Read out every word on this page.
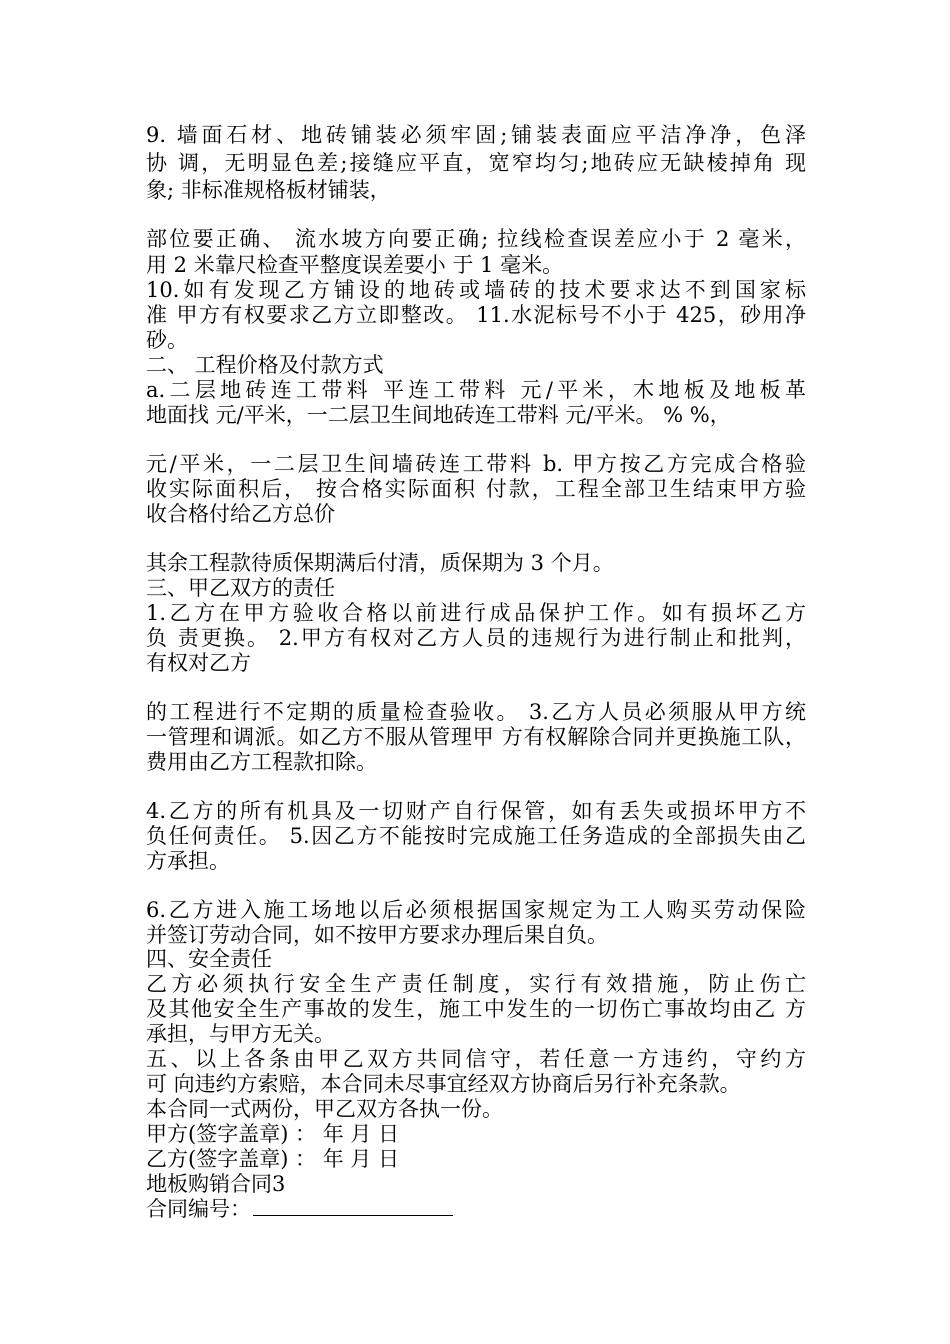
9. 墙面石材、地砖铺装必须牢固;铺装表面应平洁净净，色泽
协 调，无明显色差;接缝应平直，宽窄均匀;地砖应无缺棱掉角 现
象; 非标准规格板材铺装，
部位要正确、 流水坡方向要正确; 拉线检查误差应小于 2 毫米，
用 2 米靠尺检查平整度误差要小 于 1 毫米。
10.如有发现乙方铺设的地砖或墙砖的技术要求达不到国家标
准 甲方有权要求乙方立即整改。 11.水泥标号不小于 425，砂用净
砂。
二、 工程价格及付款方式
a.二层地砖连工带料 平连工带料 元/平米，木地板及地板革
地面找 元/平米，一二层卫生间地砖连工带料 元/平米。 % %，
元/平米，一二层卫生间墙砖连工带料 b. 甲方按乙方完成合格验
收实际面积后， 按合格实际面积 付款，工程全部卫生结束甲方验
收合格付给乙方总价
其余工程款待质保期满后付清，质保期为 3 个月。
三、甲乙双方的责任
1.乙方在甲方验收合格以前进行成品保护工作。如有损坏乙方
负 责更换。 2.甲方有权对乙方人员的违规行为进行制止和批判，
有权对乙方
的工程进行不定期的质量检查验收。 3.乙方人员必须服从甲方统
一管理和调派。如乙方不服从管理甲 方有权解除合同并更换施工队，
费用由乙方工程款扣除。
4.乙方的所有机具及一切财产自行保管，如有丢失或损坏甲方不
负任何责任。 5.因乙方不能按时完成施工任务造成的全部损失由乙
方承担。
6.乙方进入施工场地以后必须根据国家规定为工人购买劳动保险
并签订劳动合同，如不按甲方要求办理后果自负。
四、安全责任
乙方必须执行安全生产责任制度，实行有效措施，防止伤亡
及其他安全生产事故的发生，施工中发生的一切伤亡事故均由乙 方
承担，与甲方无关。
五、以上各条由甲乙双方共同信守，若任意一方违约，守约方
可 向违约方索赔，本合同未尽事宜经双方协商后另行补充条款。
本合同一式两份，甲乙双方各执一份。
甲方(签字盖章) ： 年 月 日
乙方(签字盖章) ： 年 月 日
地板购销合同3
合同编号：
